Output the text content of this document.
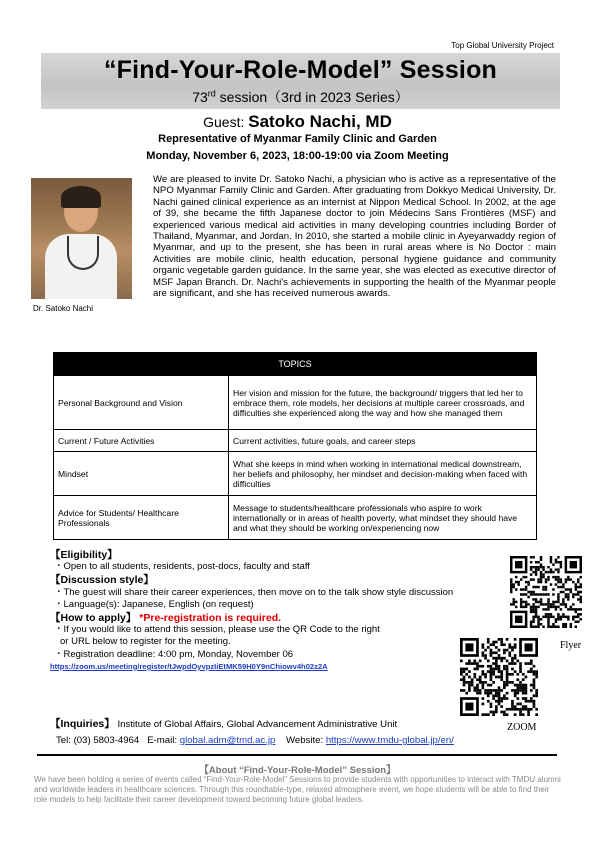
Top Global University Project
“Find-Your-Role-Model” Session
73rd session（3rd in 2023 Series）
Guest: Satoko Nachi, MD
Representative of Myanmar Family Clinic and Garden
Monday, November 6, 2023, 18:00-19:00 via Zoom Meeting
Dr. Satoko Nachi

We are pleased to invite Dr. Satoko Nachi, a physician who is active as a representative of the NPO Myanmar Family Clinic and Garden. After graduating from Dokkyo Medical University, Dr. Nachi gained clinical experience as an internist at Nippon Medical School. In 2002, at the age of 39, she became the fifth Japanese doctor to join Médecins Sans Frontières (MSF) and experienced various medical aid activities in many developing countries including Border of Thailand, Myanmar, and Jordan. In 2010, she started a mobile clinic in Ayeyarwaddy region of Myanmar, and up to the present, she has been in rural areas where is No Doctor : main Activities are mobile clinic, health education, personal hygiene guidance and community organic vegetable garden guidance. In the same year, she was elected as executive director of MSF Japan Branch. Dr. Nachi's achievements in supporting the health of the Myanmar people are significant, and she has received numerous awards.

TOPICS	
Personal Background and Vision	Her vision and mission for the future, the background/ triggers that led her to embrace them, role models, her decisions at multiple career crossroads, and difficulties she experienced along the way and how she managed them
Current / Future Activities	Current activities, future goals, and career steps
Mindset	What she keeps in mind when working in international medical downstream, her beliefs and philosophy, her mindset and decision-making when faced with difficulties
Advice for Students/ Healthcare Professionals	Message to students/healthcare professionals who aspire to work internationally or in areas of health poverty, what mindset they should have and what they should be working on/experiencing now
【Eligibility】
・Open to all students, residents, post-docs, faculty and staff
【Discussion style】
・The guest will share their career experiences, then move on to the talk show style discussion
・Language(s): Japanese, English (on request)
【How to apply】 *Pre-registration is required.
・If you would like to attend this session, please use the QR Code to the right or URL below to register for the meeting.
・Registration deadline: 4:00 pm, Monday, November 06
https://zoom.us/meeting/register/tJwpdOyvpzIiEtMK59H0Y9nChiowv4h02z2A
Flyer
ZOOM
【Inquiries】 Institute of Global Affairs, Global Advancement Administrative Unit
Tel: (03) 5803-4964 E-mail: global.adm@tmd.ac.jp Website: https://www.tmdu-global.jp/en/
【About “Find-Your-Role-Model” Session】

We have been holding a series of events called “Find-Your-Role-Model” Sessions to provide students with opportunities to interact with TMDU alumni and worldwide leaders in healthcare sciences. Through this roundtable-type, relaxed atmosphere event, we hope students will be able to find their role models to help facilitate their career development toward becoming future global leaders.
